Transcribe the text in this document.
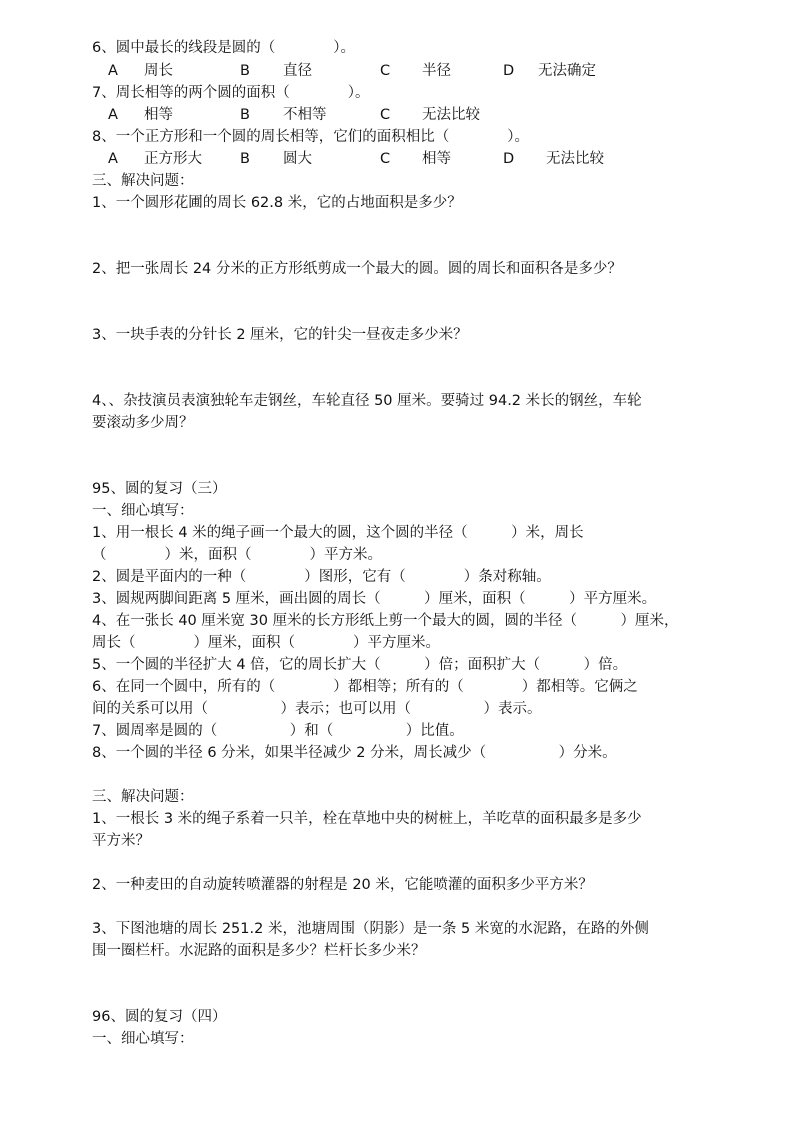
6、圆中最长的线段是圆的（　　　　）。
A 周长	B 直径	C 半径	D 无法确定
7、周长相等的两个圆的面积（　　　　）。
A 相等	B 不相等	C 无法比较
8、一个正方形和一个圆的周长相等，它们的面积相比（　　　　）。
A 正方形大	B 圆大	C 相等	D 无法比较
三、解决问题：
1、一个圆形花圃的周长 62.8 米，它的占地面积是多少？
2、把一张周长 24 分米的正方形纸剪成一个最大的圆。圆的周长和面积各是多少？
3、一块手表的分针长 2 厘米，它的针尖一昼夜走多少米？
4、、杂技演员表演独轮车走钢丝，车轮直径 50 厘米。要骑过 94.2 米长的钢丝，车轮
要滚动多少周？
95、圆的复习（三）
一、细心填写：
1、用一根长 4 米的绳子画一个最大的圆，这个圆的半径（　　　）米，周长
（　　　　）米，面积（　　　　）平方米。
2、圆是平面内的一种（　　　　）图形，它有（　　　　）条对称轴。
3、圆规两脚间距离 5 厘米，画出圆的周长（　　　）厘米，面积（　　　）平方厘米。
4、在一张长 40 厘米宽 30 厘米的长方形纸上剪一个最大的圆，圆的半径（　　　）厘米，
周长（　　　　）厘米，面积（　　　　）平方厘米。
5、一个圆的半径扩大 4 倍，它的周长扩大（　　　）倍；面积扩大（　　　）倍。
6、在同一个圆中，所有的（　　　　）都相等；所有的（　　　　）都相等。它俩之
间的关系可以用（　　　　　）表示；也可以用（　　　　　）表示。
7、圆周率是圆的（　　　　　）和（　　　　　）比值。
8、一个圆的半径 6 分米，如果半径减少 2 分米，周长减少（　　　　　）分米。
三、解决问题：
1、一根长 3 米的绳子系着一只羊，栓在草地中央的树桩上，羊吃草的面积最多是多少
平方米？
2、一种麦田的自动旋转喷灌器的射程是 20 米，它能喷灌的面积多少平方米？
3、下图池塘的周长 251.2 米，池塘周围（阴影）是一条 5 米宽的水泥路，在路的外侧
围一圈栏杆。水泥路的面积是多少？栏杆长多少米？
96、圆的复习（四）
一、细心填写：
